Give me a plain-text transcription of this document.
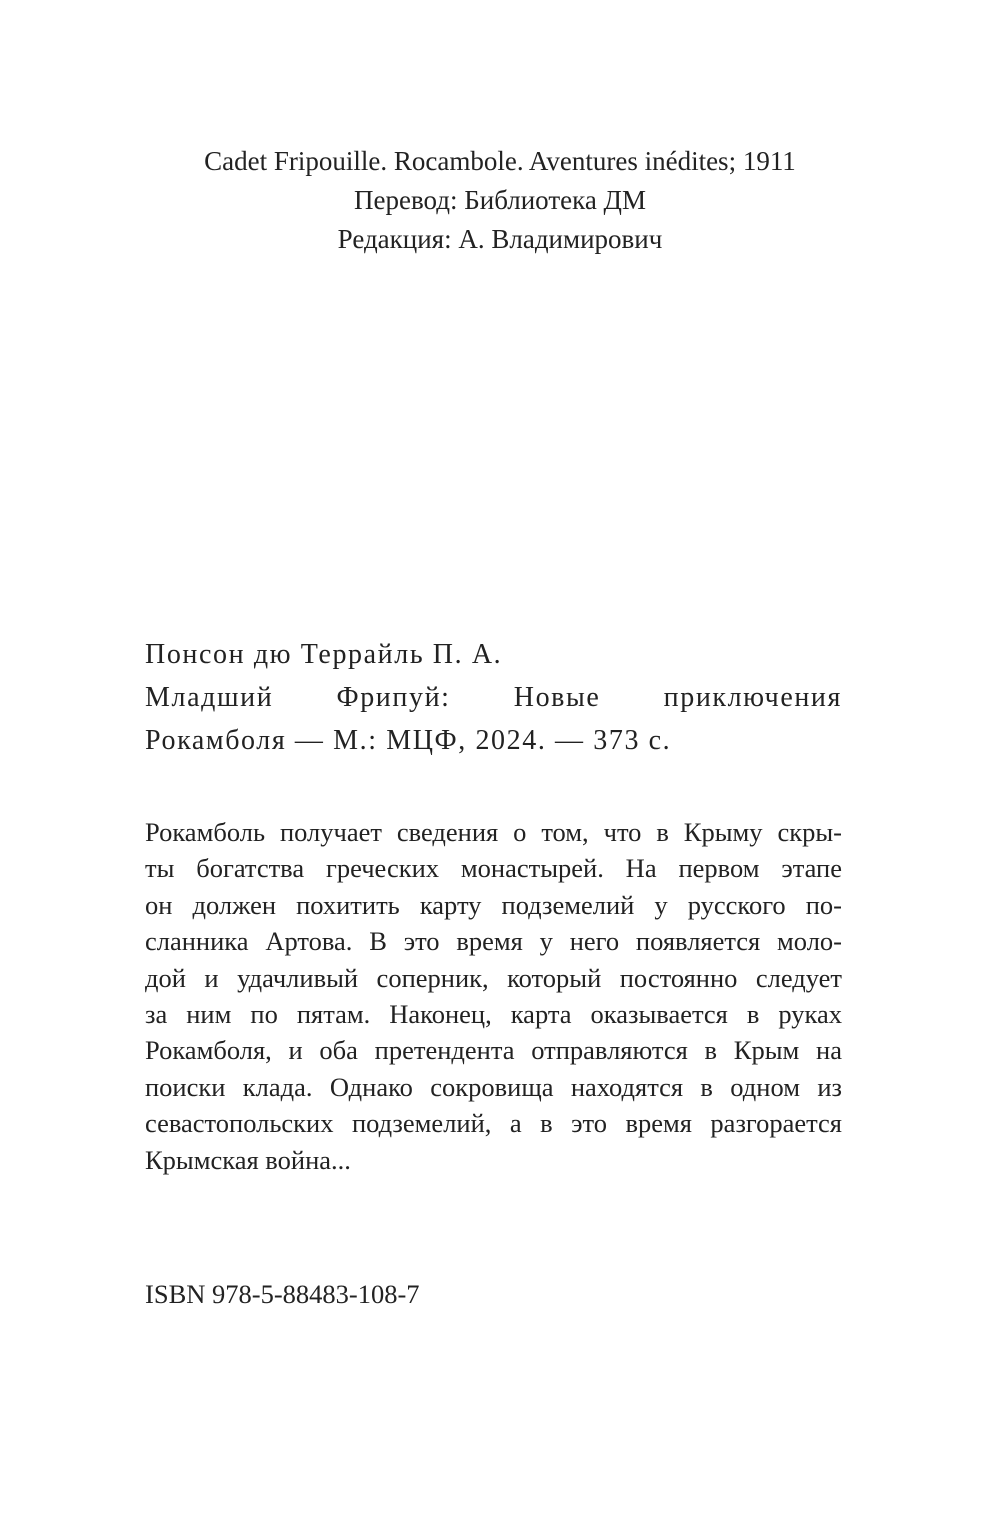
Cadet Fripouille. Rocambole. Aventures inédites; 1911
Перевод: Библиотека ДМ
Редакция: А. Владимирович
Понсон дю Террайль П. А.
Младший Фрипуй: Новые приключения
Рокамболя — М.: МЦФ, 2024. — 373 с.
Рокамболь получает сведения о том, что в Крыму скры-
ты богатства греческих монастырей. На первом этапе
он должен похитить карту подземелий у русского по-
сланника Артова. В это время у него появляется моло-
дой и удачливый соперник, который постоянно следует
за ним по пятам. Наконец, карта оказывается в руках
Рокамболя, и оба претендента отправляются в Крым на
поиски клада. Однако сокровища находятся в одном из
севастопольских подземелий, а в это время разгорается
Крымская война...
ISBN 978-5-88483-108-7
